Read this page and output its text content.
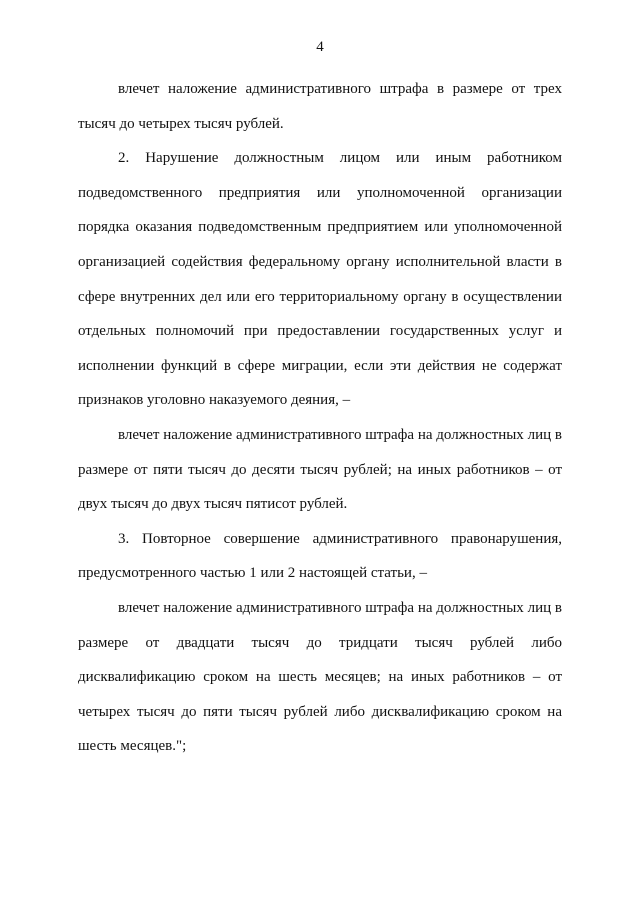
4

влечет наложение административного штрафа в размере от трех тысяч до четырех тысяч рублей.

2. Нарушение должностным лицом или иным работником подведомственного предприятия или уполномоченной организации порядка оказания подведомственным предприятием или уполномоченной организацией содействия федеральному органу исполнительной власти в сфере внутренних дел или его территориальному органу в осуществлении отдельных полномочий при предоставлении государственных услуг и исполнении функций в сфере миграции, если эти действия не содержат признаков уголовно наказуемого деяния, –

влечет наложение административного штрафа на должностных лиц в размере от пяти тысяч до десяти тысяч рублей; на иных работников – от двух тысяч до двух тысяч пятисот рублей.

3. Повторное совершение административного правонарушения, предусмотренного частью 1 или 2 настоящей статьи, –

влечет наложение административного штрафа на должностных лиц в размере от двадцати тысяч до тридцати тысяч рублей либо дисквалификацию сроком на шесть месяцев; на иных работников – от четырех тысяч до пяти тысяч рублей либо дисквалификацию сроком на шесть месяцев.";
